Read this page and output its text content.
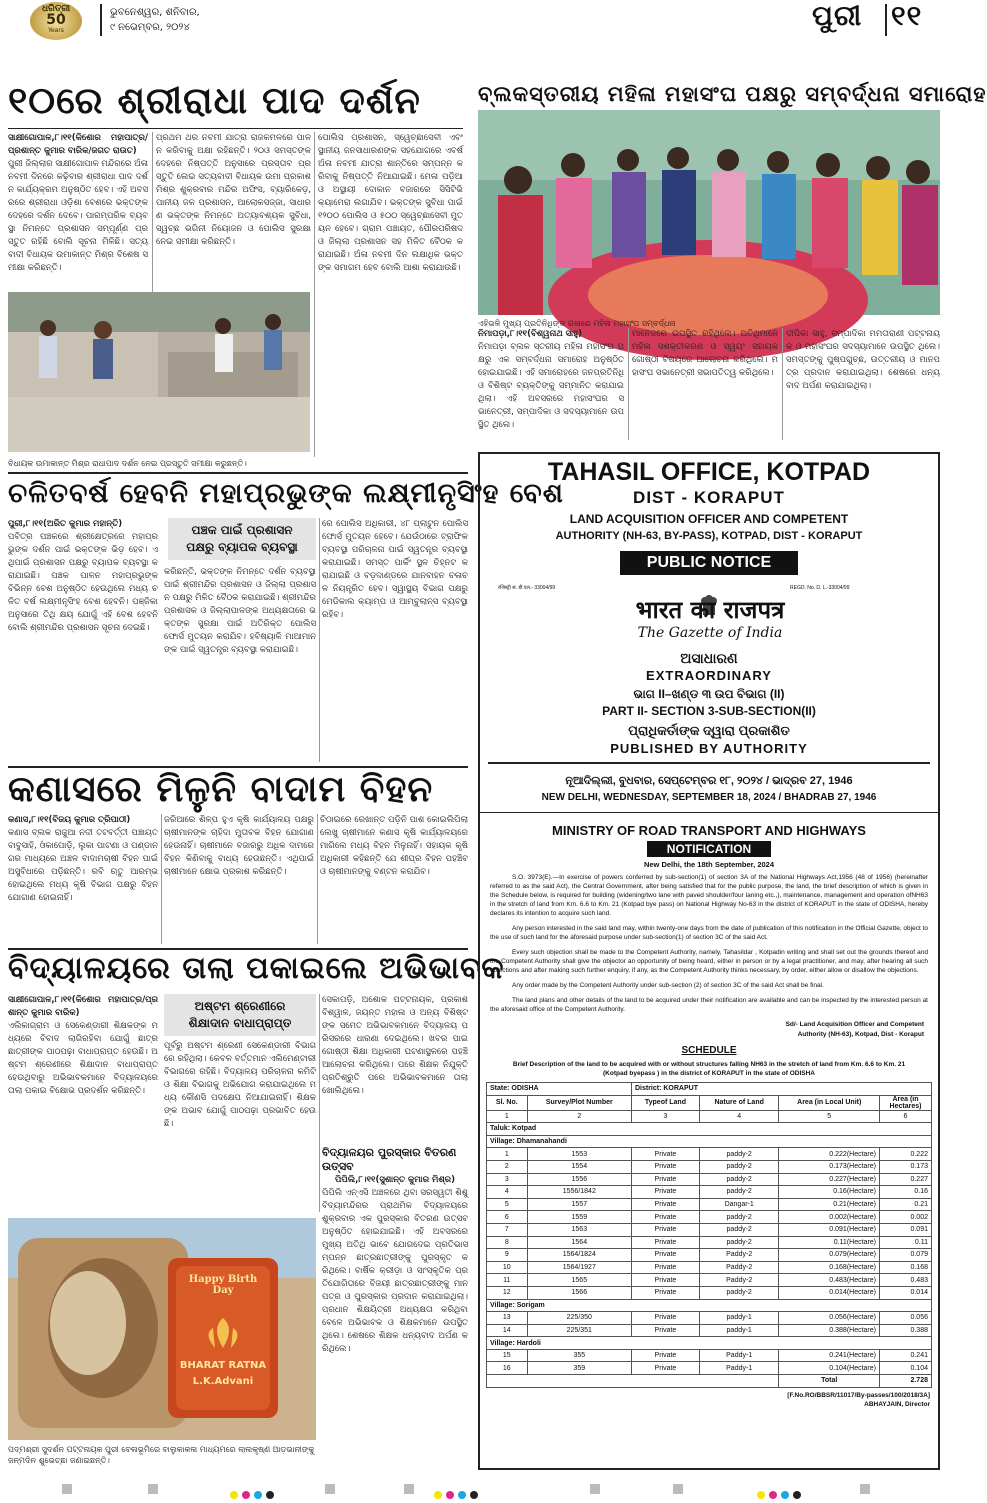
ଧରିତ୍ରୀ
50
Years
ଭୁବନେଶ୍ୱର, ଶନିବାର,
୯ ନଭେମ୍ବର, ୨୦୨୪	ପୁରୀ ୧୧
୧୦ରେ ଶ୍ରୀରାଧା ପାଦ ଦର୍ଶନ
ସାକ୍ଷୀଗୋପାଳ,୮।୧୧(କିଶୋର ମହାପାତ୍ର/ ପ୍ରଶାନ୍ତ କୁମାର ବାରିକ/ଜଗତ ରାଉତ)
ପୁରୀ ଜିଲ୍ଲାର ସାକ୍ଷୀଗୋପାଳ ମନ୍ଦିରରେ ଅଁଳା ନବମୀ ଦିନରେ କଢ଼ିବାର ଶ୍ରୀରାଧା ପାଦ ଦର୍ଶନ କାର୍ଯ୍ୟକ୍ରମ ଅନୁଷ୍ଠିତ ହେବ। ଏହି ଅବସରରେ ଶ୍ରୀରାଧା ଓଡ଼ିଶା ବେଶରେ ଭକ୍ତଙ୍କ ଦେହରେ ଦର୍ଶନ ଦେବେ। ପାରମ୍ପରିକ ବ୍ୟବସ୍ଥା ନିମନ୍ତେ ପ୍ରଶାସନ ସମ୍ପୂର୍ଣ୍ଣ ପ୍ରସ୍ତୁତ ରହିଛି ବୋଲି ସୂଚନା ମିଳିଛି। ସତ୍ୟବାଦୀ ବିଧାୟକ ଉମାକାନ୍ତ ମିଶ୍ର ବିଶେଷ ସମୀକ୍ଷା କରିଛନ୍ତି।
ପ୍ରଥମ ଥର ନବମୀ ଯାତ୍ରା ରାଜକମଳରେ ପାଳନ କରିବାକୁ ଅକ୍ଷା ରହିଛନ୍ତି। ୨୦ଓ ସମସ୍ତଙ୍କ ଦେହରେ ନିଷ୍ପତ୍ତି ଅନୁସାରେ ପ୍ରସ୍ତାବ ପ୍ରସ୍ତୁତି ଲେଇ ସତ୍ୟବାଦୀ ବିଧାୟକ ଉମା ପ୍ରକାଶ ମିଶ୍ର ଶୁକ୍ରବାର ମନ୍ଦିର ଅଫିସ, ବ୍ୟାରିକେଡ଼, ପାନୀୟ ଜଳ ପ୍ରଶାସନ, ଆଲୋକସଜ୍ଜା, ସାଧାରଣ ଭକ୍ତଙ୍କ ନିମନ୍ତେ ଅତ୍ୟାବଶ୍ୟକ ସୁବିଧା, ସ୍ୱଚ୍ଛ ଭଗିନୀ ନିୟୋଜନ ଓ ପୋଲିସ ସୁରକ୍ଷା ନେଇ ସମୀକ୍ଷା କରିଛନ୍ତି।
ପୋଲିସ ପ୍ରଶାସନ, ସ୍ୱେଚ୍ଛାସେବୀ ଏବଂ ସ୍ଥାନୀୟ ଜନସାଧାରଣଙ୍କ ସହଯୋଗରେ ଏବର୍ଷ ଅଁଳା ନବମୀ ଯାତ୍ରା ଶାନ୍ତିରେ ସମ୍ପନ୍ନ କରିବାକୁ ନିଷ୍ପତ୍ତି ନିଆଯାଇଛି। ମେଳା ପଡ଼ିଆ ଓ ଅସ୍ଥାୟୀ ଦୋକାନ ବଜାରରେ ସିସିଟିଭି କ୍ୟାମେରା ଲଗାଯିବ। ଭକ୍ତଙ୍କ ସୁବିଧା ପାଇଁ ୧୨୦୦ ପୋଲିସ ଓ ୫୦୦ ସ୍ୱେଚ୍ଛାସେବୀ ମୁତୟନ ହେବେ। ଗ୍ରାମ ପଞ୍ଚାୟତ, ପୌରପରିଷଦ ଓ ଜିଲ୍ଲା ପ୍ରଶାସନ ସହ ମିଳିତ ବୈଠକ କରାଯାଇଛି। ଅଁଳା ନବମୀ ଦିନ ଲକ୍ଷାଧିକ ଭକ୍ତଙ୍କ ସମାଗମ ହେବ ବୋଲି ଆଶା କରାଯାଉଛି।
ବିଧାୟକ ଉମାକାନ୍ତ ମିଶ୍ର ରାଧାପାଦ ଦର୍ଶନ ନେଇ ପ୍ରସ୍ତୁତି ସମୀକ୍ଷା କରୁଛନ୍ତି।
ବ୍ଲକସ୍ତରୀୟ ମହିଳା ମହାସଂଘ ପକ୍ଷରୁ ସମ୍ବର୍ଦ୍ଧନା ସମାରୋହ
ଏହିଭଳି ମୁଖ୍ୟ ପ୍ରତିନିଧିଙ୍କ ଗଳାରେ ମହିଳା ମହାସଂଘ ସମ୍ବର୍ଦ୍ଧନା
ନିମାପଡ଼ା,୮।୧୧(ବିଶ୍ୱନାଥ ସାହୁ)
ନିମାପଡ଼ା ବ୍ଲକ ସ୍ତରୀୟ ମହିଳା ମହାସଂଘ ପକ୍ଷରୁ ଏକ ସମ୍ବର୍ଦ୍ଧନା ସମାରୋହ ଅନୁଷ୍ଠିତ ହୋଇଯାଇଛି। ଏହି ସମାରୋହରେ ଜନପ୍ରତିନିଧି ଓ ବିଶିଷ୍ଟ ବ୍ୟକ୍ତିଙ୍କୁ ସମ୍ମାନିତ କରାଯାଇଥିଲା। ଏହି ଅବସରରେ ମହାସଂଘର ସଭାନେତ୍ରୀ, ସମ୍ପାଦିକା ଓ ସଦସ୍ୟାମାନେ ଉପସ୍ଥିତ ଥିଲେ।
ମାନେଜରେ ଉପସ୍ଥିତ ରହିଥିଲେ। ଅତିଥିମାନେ ମହିଳା ସଶକ୍ତୀକରଣ ଓ ସ୍ୱୟଂ ସହାୟକ ଗୋଷ୍ଠୀ ବିଷୟରେ ଆଲୋଚନା କରିଥିଲେ। ମହାସଂଘ ସଭାନେତ୍ରୀ ସଭାପତିତ୍ୱ କରିଥିଲେ।
ଦୀପିକା ସାହୁ, ସମ୍ପାଦିକା ମମତାରାଣୀ ପଟ୍ଟନାୟକ ଓ ମହାସଂଘର ସଦସ୍ୟାମାନେ ଉପସ୍ଥିତ ଥିଲେ। ସମସ୍ତଙ୍କୁ ପୁଷ୍ପଗୁଚ୍ଛ, ଉତ୍ତରୀୟ ଓ ମାନପତ୍ର ପ୍ରଦାନ କରାଯାଇଥିଲା। ଶେଷରେ ଧନ୍ୟବାଦ ଅର୍ପଣ କରାଯାଇଥିଲା।
ଚଳିତବର୍ଷ ହେବନି ମହାପ୍ରଭୁଙ୍କ ଲକ୍ଷ୍ମୀନୃସିଂହ ବେଶ
ପୁରୀ,୮।୧୧(ଅରିତ କୁମାର ମହାନ୍ତି)
ପବିତ୍ର ପଞ୍ଚକରେ ଶ୍ରୀକ୍ଷେତ୍ରରେ ମହାପ୍ରଭୁଙ୍କ ଦର୍ଶନ ପାଇଁ ଭକ୍ତଙ୍କ ଭିଡ଼ ହେବ। ଏଥିପାଇଁ ପ୍ରଶାସନ ପକ୍ଷରୁ ବ୍ୟାପକ ବ୍ୟବସ୍ଥା କରାଯାଇଛି। ପଞ୍ଚକ ପାଳନ ମହାପ୍ରଭୁଙ୍କ ବିଭିନ୍ନ ବେଶ ଅନୁଷ୍ଠିତ ହେଉଥିଲେ ମଧ୍ୟ ଚଳିତ ବର୍ଷ ଲକ୍ଷ୍ମୀନୃସିଂହ ବେଶ ହେବନି। ପଞ୍ଜିକା ଅନୁସାରେ ତିଥି କ୍ଷୟ ଯୋଗୁଁ ଏହି ବେଶ ହେବନି ବୋଲି ଶ୍ରୀମନ୍ଦିର ପ୍ରଶାସନ ସୂଚନା ଦେଇଛି।
ପଞ୍ଚକ ପାଇଁ ପ୍ରଶାସନ
ପକ୍ଷରୁ ବ୍ୟାପକ ବ୍ୟବସ୍ଥା
କରିଛନ୍ତି, ଭକ୍ତଙ୍କ ନିମନ୍ତେ ଦର୍ଶନ ବ୍ୟବସ୍ଥା ପାଇଁ ଶ୍ରୀମନ୍ଦିର ପ୍ରଶାସନ ଓ ଜିଲ୍ଲା ପ୍ରଶାସନ ପକ୍ଷରୁ ମିଳିତ ବୈଠକ କରାଯାଇଛି। ଶ୍ରୀମନ୍ଦିର ପ୍ରଶାସକ ଓ ଜିଲ୍ଲାପାଳଙ୍କ ଅଧ୍ୟକ୍ଷତାରେ ଭକ୍ତଙ୍କ ସୁରକ୍ଷା ପାଇଁ ଅତିରିକ୍ତ ପୋଲିସ ଫୋର୍ସ ମୁତୟନ କରାଯିବ। ହବିଷ୍ୟାଳି ମାଆମାନଙ୍କ ପାଇଁ ସ୍ୱତନ୍ତ୍ର ବ୍ୟବସ୍ଥା କରାଯାଇଛି।
ରେ ପୋଲିସ ଅଧିକାରୀ, ୪୮ ପ୍ଲାଟୁନ ପୋଲିସ ଫୋର୍ସ ମୁତୟନ ହେବେ। ଯେଉଁଠାରେ ଟ୍ରାଫିକ ବ୍ୟବସ୍ଥା ପରିଚାଳନା ପାଇଁ ସ୍ୱତନ୍ତ୍ର ବ୍ୟବସ୍ଥା କରାଯାଇଛି। ସମସ୍ତ ପାର୍କିଂ ସ୍ଥଳ ଚିହ୍ନଟ କରାଯାଇଛି ଓ ବଡ଼ଦାଣ୍ଡରେ ଯାନବାହନ ଚଳାଚଳ ନିୟନ୍ତ୍ରିତ ହେବ। ସ୍ୱାସ୍ଥ୍ୟ ବିଭାଗ ପକ୍ଷରୁ ମେଡିକାଲ କ୍ୟାମ୍ପ ଓ ଆମ୍ବୁଲାନ୍ସ ବ୍ୟବସ୍ଥା ରହିବ।
କଣାସରେ ମିଳୁନି ବାଦାମ ବିହନ
କଣାସ,୮।୧୧(ବିଜୟ କୁମାର ତ୍ରିପାଠୀ)
କଣାସ ବ୍ଲକ ରାଜୁଆ ନଦୀ ତଟବର୍ତ୍ତୀ ପଞ୍ଚାୟତ ବାବୁସାହି, ଓଁକାପୋଡ଼ି, ଲୁକା ପାଟଣା ଓ ପଣ୍ଡାନଗର ମାଧ୍ୟରେ ଅଞ୍ଚଳ ବାଦାମଚାଷୀ ବିହନ ପାଇଁ ଅସୁବିଧାରେ ପଡ଼ିଛନ୍ତି। ରବି ଋତୁ ଆରମ୍ଭ ହୋଇଥିଲେ ମଧ୍ୟ କୃଷି ବିଭାଗ ପକ୍ଷରୁ ବିହନ ଯୋଗାଣ ହୋଇନାହିଁ।
ଜରିଆରେ ଶିଳ୍ପ ହୁଏ କୃଷି କାର୍ଯ୍ୟାଳୟ ପକ୍ଷରୁ ଚାଷୀମାନଙ୍କ ଚାହିଦା ମୁତାବକ ବିହନ ଯୋଗାଣ ହେଉନାହିଁ। ଚାଷୀମାନେ ବଜାରରୁ ଅଧିକ ଦାମରେ ବିହନ କିଣିବାକୁ ବାଧ୍ୟ ହେଉଛନ୍ତି। ଏଥିପାଇଁ ଚାଷୀମାନେ କ୍ଷୋଭ ପ୍ରକାଶ କରିଛନ୍ତି।
ଚିଠାଇରେ ରେଖାନ୍ତ ପଡ଼ିନି ପାଶ କୋଇଲିପିଲା ଲେଖୁ ଚାଷୀମାନେ କଣାସ କୃଷି କାର୍ଯ୍ୟାଳୟରେ ମାଗିଲେ ମଧ୍ୟ ବିହନ ମିଳୁନାହିଁ। ସହାୟକ କୃଷି ଅଧିକାରୀ କହିଛନ୍ତି ଯେ ଶୀଘ୍ର ବିହନ ପହଞ୍ଚିବ ଓ ଚାଷୀମାନଙ୍କୁ ବଣ୍ଟନ କରାଯିବ।
ବିଦ୍ୟାଳୟରେ ତାଲା ପକାଇଲେ ଅଭିଭାବକ
ସାକ୍ଷୀଗୋପାଳ,୮।୧୧(କିଶୋର ମହାପାତ୍ର/ପ୍ରଶାନ୍ତ କୁମାର ବାରିକ)
ଏଲିକାଗ୍ରାମ ଓ ସେକେଣ୍ଡାରୀ ଶିକ୍ଷକଙ୍କ ମଧ୍ୟରେ ବିବାଦ ଲାଗିରହିବା ଯୋଗୁଁ ଛାତ୍ରଛାତ୍ରୀଙ୍କ ପାଠପଢ଼ା ବାଧାପ୍ରାପ୍ତ ହେଉଛି। ଅଷ୍ଟମ ଶ୍ରେଣୀରେ ଶିକ୍ଷାଦାନ ବାଧାପ୍ରାପ୍ତ ହେଉଥିବାରୁ ଅଭିଭାବକମାନେ ବିଦ୍ୟାଳୟରେ ତାଲା ପକାଇ ବିକ୍ଷୋଭ ପ୍ରଦର୍ଶନ କରିଛନ୍ତି।
ଅଷ୍ଟମ ଶ୍ରେଣୀରେ
ଶିକ୍ଷାଦାନ ବାଧାପ୍ରାପ୍ତ
ପୂର୍ବରୁ ଅଷ୍ଟମ ଶ୍ରେଣୀ ସେକେଣ୍ଡାରୀ ବିଭାଗରେ ରହିଥିଲା। କେବଳ ବର୍ତ୍ତମାନ ଏଲିମେଣ୍ଟାରୀ ବିଭାଗରେ ରହିଛି। ବିଦ୍ୟାଳୟ ପରିଚାଳନା କମିଟି ଓ ଶିକ୍ଷା ବିଭାଗକୁ ଅଭିଯୋଗ କରାଯାଇଥିଲେ ମଧ୍ୟ କୌଣସି ପଦକ୍ଷେପ ନିଆଯାଇନାହିଁ। ଶିକ୍ଷକଙ୍କ ଅଭାବ ଯୋଗୁଁ ପାଠପଢ଼ା ପ୍ରଭାବିତ ହେଉଛି।
ସେକାପଡ଼ି, ଅଶୋକ ପଟ୍ଟନାୟକ, ପ୍ରକାଶ ବିଶ୍ୱାଳ, ଜୟନ୍ତ ମହାଳା ଓ ଅନ୍ୟ ବିଶିଷ୍ଟଙ୍କ ସମେତ ଅଭିଭାବକମାନେ ବିଦ୍ୟାଳୟ ପରିସରରେ ଧାରଣା ଦେଇଥିଲେ। ଖବର ପାଇ ଗୋଷ୍ଠୀ ଶିକ୍ଷା ଅଧିକାରୀ ଘଟଣାସ୍ଥଳରେ ପହଞ୍ଚି ଆଲୋଚନା କରିଥିଲେ। ପରେ ଶିକ୍ଷକ ନିଯୁକ୍ତି ପ୍ରତିଶ୍ରୁତି ପରେ ଅଭିଭାବକମାନେ ତାଲା ଖୋଲିଥିଲେ।
Happy Birth Day
BHARAT RATNA
L.K.Advani
ପଦ୍ମଶ୍ରୀ ସୁଦର୍ଶନ ପଟ୍ଟନାୟକ ପୁରୀ ବେଳାଭୂମିରେ ବାଲୁକାକଳା ମାଧ୍ୟମରେ ଲାଲକୃଷ୍ଣ ଆଡ଼ଭାନୀଙ୍କୁ ଜନ୍ମଦିନ ଶୁଭେଚ୍ଛା ଜଣାଇଛନ୍ତି।
ବିଦ୍ୟାଳୟର ପୁରସ୍କାର ବିତରଣ ଉତ୍ସବ
ପିପିଲି,୮।୧୧(ସୁଶାନ୍ତ କୁମାର ମିଶ୍ର)
ପିପିଲି ଏନ୍ଏସି ଅଞ୍ଚଳରେ ଥିବା ସରସ୍ୱତୀ ଶିଶୁ ବିଦ୍ୟାମନ୍ଦିରର ପ୍ରାଥମିକ ବିଦ୍ୟାଳୟରେ ଶୁକ୍ରବାର ଏକ ପୁରସ୍କାର ବିତରଣ ଉତ୍ସବ ଅନୁଷ୍ଠିତ ହୋଇଯାଇଛି। ଏହି ଅବସରରେ ମୁଖ୍ୟ ଅତିଥି ଭାବେ ଯୋଗଦେଇ ପ୍ରତିଭାସମ୍ପନ୍ନ ଛାତ୍ରଛାତ୍ରୀଙ୍କୁ ପୁରସ୍କୃତ କରିଥିଲେ। ବାର୍ଷିକ କ୍ରୀଡ଼ା ଓ ସାଂସ୍କୃତିକ ପ୍ରତିଯୋଗିତାରେ ବିଜୟୀ ଛାତ୍ରଛାତ୍ରୀଙ୍କୁ ମାନପତ୍ର ଓ ପୁରସ୍କାର ପ୍ରଦାନ କରାଯାଇଥିଲା। ପ୍ରଧାନ ଶିକ୍ଷୟିତ୍ରୀ ଅଧ୍ୟକ୍ଷତା କରିଥିବା ବେଳେ ଅଭିଭାବକ ଓ ଶିକ୍ଷକମାନେ ଉପସ୍ଥିତ ଥିଲେ। ଶେଷରେ ଶିକ୍ଷକ ଧନ୍ୟବାଦ ଅର୍ପଣ କରିଥିଲେ।
TAHASIL OFFICE, KOTPAD
DIST - KORAPUT
LAND ACQUISITION OFFICER AND COMPETENT
AUTHORITY (NH-63, BY-PASS), KOTPAD, DIST - KORAPUT
PUBLIC NOTICE
रजिस्ट्री सं. डी.एल.- 33004/99	REGD. No. D. L.-33004/99
भारत का राजपत्र
The Gazette of India
ଅସାଧାରଣ
EXTRAORDINARY
ଭାଗ II–ଖଣ୍ଡ ୩ ଉପ ବିଭାଗ (II)
PART II- SECTION 3-SUB-SECTION(II)
ପ୍ରାଧିକର୍ତାଙ୍କ ଦ୍ୱାରା ପ୍ରକାଶିତ
PUBLISHED BY AUTHORITY
ନୂଆଦିଲ୍ଲୀ, ବୁଧବାର, ସେପ୍ଟେମ୍ବର ୧୮, ୨୦୨୪ / ଭାଦ୍ରବ 27, 1946
NEW DELHI, WEDNESDAY, SEPTEMBER 18, 2024 / BHADRAB 27, 1946
MINISTRY OF ROAD TRANSPORT AND HIGHWAYS
NOTIFICATION
New Delhi, the 18th September, 2024

S.O. 3973(E).—In exercise of powers conferred by sub-section(1) of section 3A of the National Highways Act,1956 (48 of 1956) (hereinafter referred to as the said Act), the Central Government, after being satisfied that for the public purpose, the land, the brief description of which is given in the Schedule below, is required for building (widening/two lane with paved shoulder/four laning etc.,), maintenance, management and operation ofNH63 in the stretch of land from Km. 6.6 to Km. 21 (Kotpad bye pass) on National Highway No-63 in the district of KORAPUT in the state of ODISHA, hereby declares its intention to acquire such land.

Any person interested in the said land may, within twenty-one days from the date of publication of this notification in the Official Gazette, object to the use of such land for the aforesaid purpose under sub-section(1) of section 3C of the said Act.

Every such objection shall be made to the Competent Authority, namely, Tahasildar , Kotpadin writing and shall set out the grounds thereof and the Competent Authority shall give the objector an opportunity of being heard, either in person or by a legal practitioner, and may, after hearing all such objections and after making such further enquiry, if any, as the Competent Authority thinks necessary, by order, either allow or disallow the objections.

Any order made by the Competent Authority under sub-section (2) of section 3C of the said Act shall be final.

The land plans and other details of the land to be acquired under their notification are available and can be inspected by the interested person at the aforesaid office of the Competent Authority.

Sd/- Land Acquisition Officer and Competent
Authority (NH-63), Kotpad, Dist - Koraput
SCHEDULE
Brief Description of the land to be acquired with or without structures falling NH63 in the stretch of land from Km. 6.6 to Km. 21 (Kotpad byepass ) in the district of KORAPUT in the state of ODISHA
State: ODISHA		District: KORAPUT			
Sl. No.	Survey/Plot Number	Typeof Land	Nature of Land	Area (in Local Unit)	Area (in Hectares)
1	2	3	4	5	6
Taluk: Kotpad					
Village: Dhamanahandi					
1	1553	Private	paddy-2	0.222(Hectare)	0.222
2	1554	Private	paddy-2	0.173(Hectare)	0.173
3	1556	Private	paddy-2	0.227(Hectare)	0.227
4	1556/1842	Private	paddy-2	0.16(Hectare)	0.16
5	1557	Private	Dangar-1	0.21(Hectare)	0.21
6	1559	Private	paddy-2	0.002(Hectare)	0.002
7	1563	Private	paddy-2	0.091(Hectare)	0.091
8	1564	Private	paddy-2	0.11(Hectare)	0.11
9	1564/1824	Private	Paddy-2	0.079(Hectare)	0.079
10	1564/1927	Private	Paddy-2	0.168(Hectare)	0.168
11	1565	Private	Paddy-2	0.483(Hectare)	0.483
12	1566	Private	paddy-2	0.014(Hectare)	0.014
Village: Sorigam					
13	225/350	Private	paddy-1	0.056(Hectare)	0.056
14	225/351	Private	paddy-1	0.388(Hectare)	0.388
Village: Hardoli					
15	355	Private	Paddy-1	0.241(Hectare)	0.241
16	359	Private	Paddy-1	0.104(Hectare)	0.104
				Total	2.728
[F.No.RO/BBSR/11017/By-passes/100/2018/3A]
ABHAYJAIN, Director
